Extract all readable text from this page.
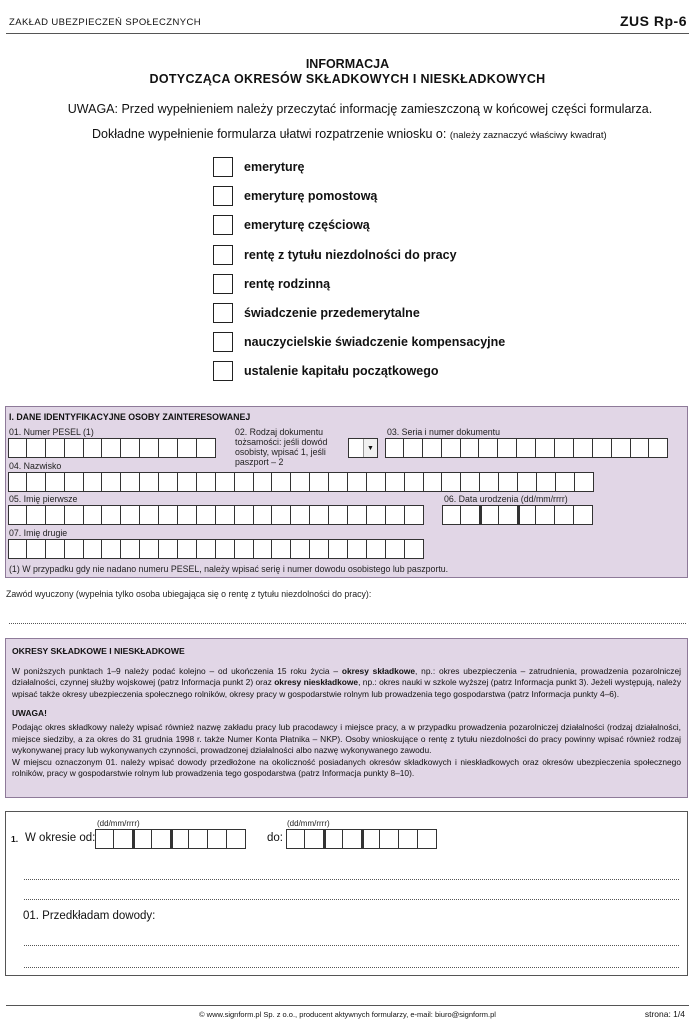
ZAKŁAD UBEZPIECZEŃ SPOŁECZNYCH	ZUS Rp-6
INFORMACJA
DOTYCZĄCA OKRESÓW SKŁADKOWYCH I NIESKŁADKOWYCH
UWAGA: Przed wypełnieniem należy przeczytać informację zamieszczoną w końcowej części formularza.
Dokładne wypełnienie formularza ułatwi rozpatrzenie wniosku o: (należy zaznaczyć właściwy kwadrat)
emeryturę
emeryturę pomostową
emeryturę częściową
rentę z tytułu niezdolności do pracy
rentę rodzinną
świadczenie przedemerytalne
nauczycielskie świadczenie kompensacyjne
ustalenie kapitału początkowego
I. DANE IDENTYFIKACYJNE OSOBY ZAINTERESOWANEJ
01. Numer PESEL (1)	02. Rodzaj dokumentu tożsamości: jeśli dowód osobisty, wpisać 1, jeśli paszport – 2
▼
03. Seria i numer dokumentu
04. Nazwisko
05. Imię pierwsze	06. Data urodzenia (dd/mm/rrrr)
07. Imię drugie
(1) W przypadku gdy nie nadano numeru PESEL, należy wpisać serię i numer dowodu osobistego lub paszportu.
Zawód wyuczony (wypełnia tylko osoba ubiegająca się o rentę z tytułu niezdolności do pracy):

OKRESY SKŁADKOWE I NIESKŁADKOWE

W poniższych punktach 1–9 należy podać kolejno – od ukończenia 15 roku życia – okresy składkowe, np.: okres ubezpieczenia – zatrudnienia, prowadzenia pozarolniczej działalności, czynnej służby wojskowej (patrz Informacja punkt 2) oraz okresy nieskładkowe, np.: okres nauki w szkole wyższej (patrz Informacja punkt 3). Jeżeli występują, należy wpisać także okresy ubezpieczenia społecznego rolników, okresy pracy w gospodarstwie rolnym lub prowadzenia tego gospodarstwa (patrz Informacja punkty 4–6).

UWAGA!

Podając okres składkowy należy wpisać również nazwę zakładu pracy lub pracodawcy i miejsce pracy, a w przypadku prowadzenia pozarolniczej działalności (rodzaj działalności, miejsce siedziby, a za okres do 31 grudnia 1998 r. także Numer Konta Płatnika – NKP). Osoby wnioskujące o rentę z tytułu niezdolności do pracy powinny wpisać również rodzaj wykonywanej pracy lub wykonywanych czynności, prowadzonej działalności albo nazwę wykonywanego zawodu.

W miejscu oznaczonym 01. należy wpisać dowody przedłożone na okoliczność posiadanych okresów składkowych i nieskładkowych oraz okresów ubezpieczenia społecznego rolników, pracy w gospodarstwie rolnym lub prowadzenia tego gospodarstwa (patrz Informacja punkty 8–10).

(dd/mm/rrrr)	(dd/mm/rrrr)
1. W okresie od:	do:
01. Przedkładam dowody:
© www.signform.pl Sp. z o.o., producent aktywnych formularzy, e-mail: biuro@signform.pl	strona: 1/4
